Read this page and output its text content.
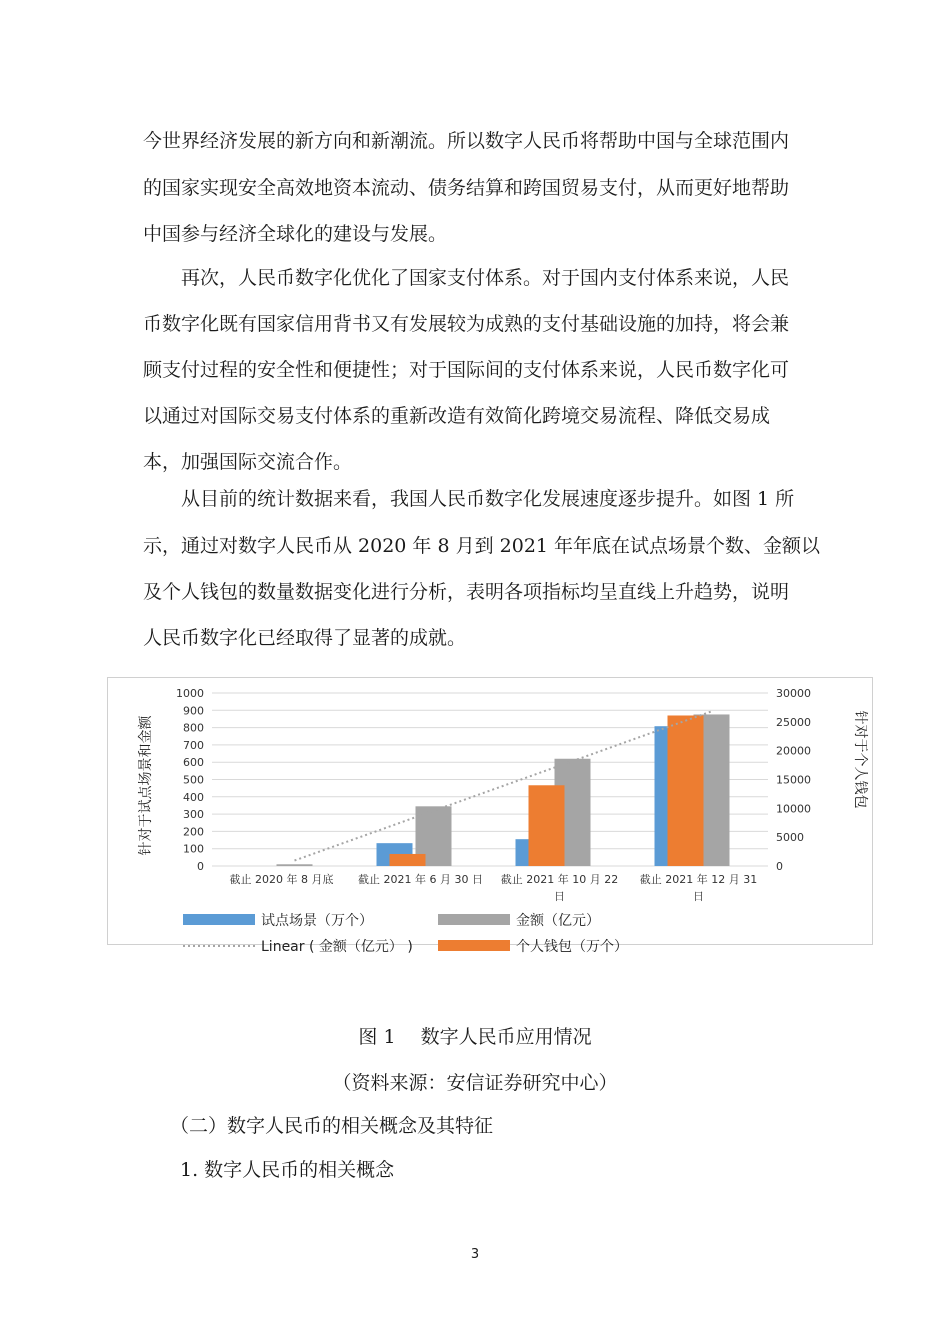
今世界经济发展的新方向和新潮流。所以数字人民币将帮助中国与全球范围内
的国家实现安全高效地资本流动、债务结算和跨国贸易支付，从而更好地帮助
中国参与经济全球化的建设与发展。
再次，人民币数字化优化了国家支付体系。对于国内支付体系来说，人民
币数字化既有国家信用背书又有发展较为成熟的支付基础设施的加持，将会兼
顾支付过程的安全性和便捷性；对于国际间的支付体系来说，人民币数字化可
以通过对国际交易支付体系的重新改造有效简化跨境交易流程、降低交易成
本，加强国际交流合作。
从目前的统计数据来看，我国人民币数字化发展速度逐步提升。如图 1 所
示，通过对数字人民币从 2020 年 8 月到 2021 年年底在试点场景个数、金额以
及个人钱包的数量数据变化进行分析，表明各项指标均呈直线上升趋势，说明
人民币数字化已经取得了显著的成就。
0
100
200
300
400
500
600
700
800
900
1000
0
5000
10000
15000
20000
25000
30000
截止 2020 年 8 月底 截止 2021 年 6 月 30 日 截止 2021 年 10 月 22
日
截止 2021 年 12 月 31
日
针对于试点场景和金额	针对于个人钱包
试点场景（万个）	金额（亿元）
Linear ( 金额（亿元） )	个人钱包（万个）
图 1　 数字人民币应用情况
（资料来源：安信证券研究中心）
（二）数字人民币的相关概念及其特征
1. 数字人民币的相关概念
3
